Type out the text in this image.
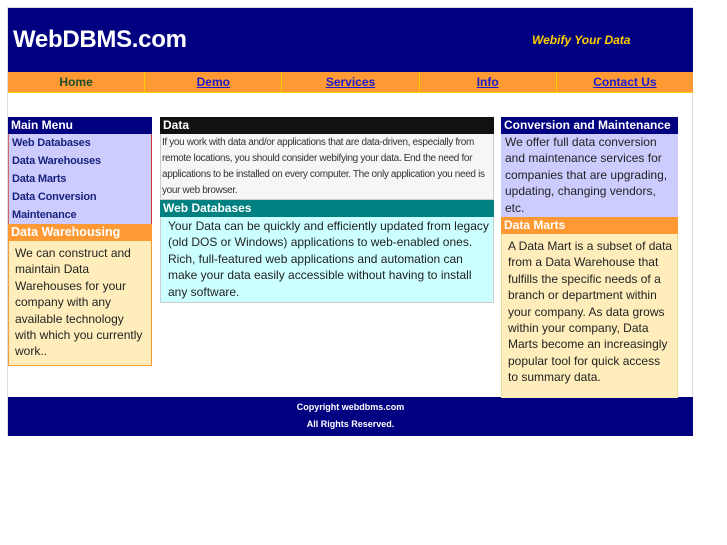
WebDBMS.com	Webify Your Data
Home	Demo	Services	Info	Contact Us
Copyright webdbms.com
All Rights Reserved.
Main Menu
Web Databases
Data Warehouses
Data Marts
Data Conversion
Maintenance
Data Warehousing
We can construct and maintain Data Warehouses for your company with any available technology with which you currently work..
Data
If you work with data and/or applications that are data-driven, especially from remote locations, you should consider webifying your data. End the need for applications to be installed on every computer. The only application you need is your web browser.
Web Databases
Your Data can be quickly and efficiently updated from legacy (old DOS or Windows) applications to web-enabled ones. Rich, full-featured web applications and automation can make your data easily accessible without having to install any software.
Conversion and Maintenance
We offer full data conversion and maintenance services for companies that are upgrading, updating, changing vendors, etc.
Data Marts
A Data Mart is a subset of data from a Data Warehouse that fulfills the specific needs of a branch or department within your company. As data grows within your company, Data Marts become an increasingly popular tool for quick access to summary data.
